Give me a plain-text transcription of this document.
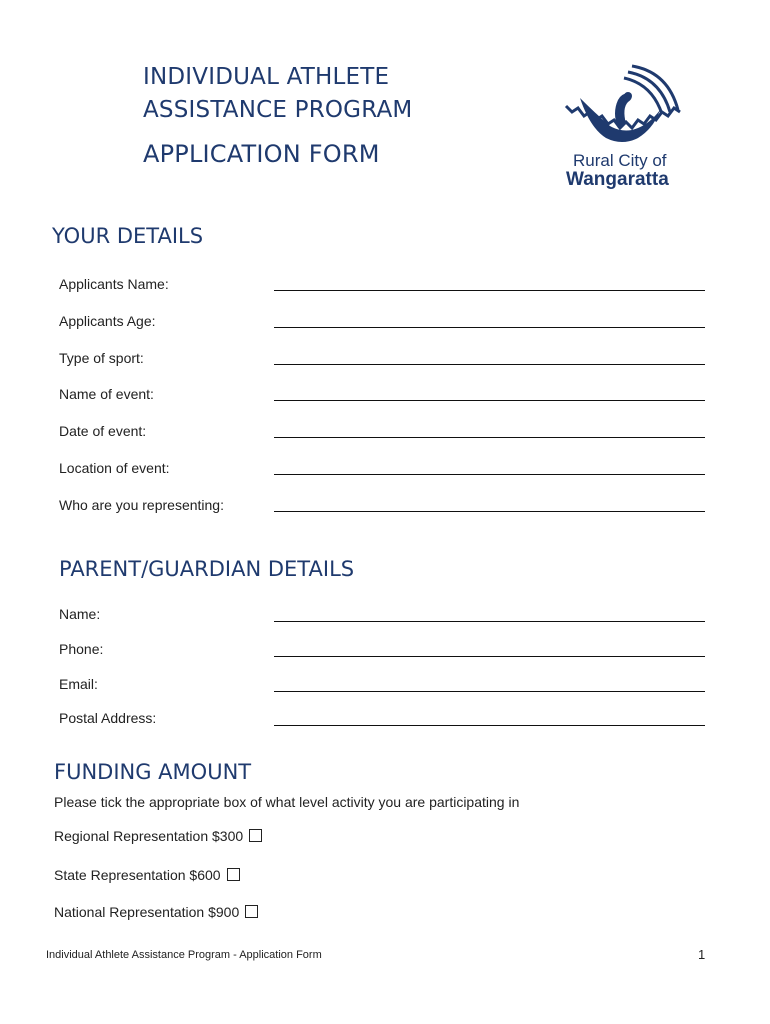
INDIVIDUAL ATHLETE
ASSISTANCE PROGRAM
APPLICATION FORM	Rural City of
Wangaratta
YOUR DETAILS
Applicants Name:
Applicants Age:
Type of sport:
Name of event:
Date of event:
Location of event:
Who are you representing:
PARENT/GUARDIAN DETAILS
Name:
Phone:
Email:
Postal Address:
FUNDING AMOUNT
Please tick the appropriate box of what level activity you are participating in
Regional Representation $300
State Representation $600
National Representation $900
Individual Athlete Assistance Program - Application Form	1
